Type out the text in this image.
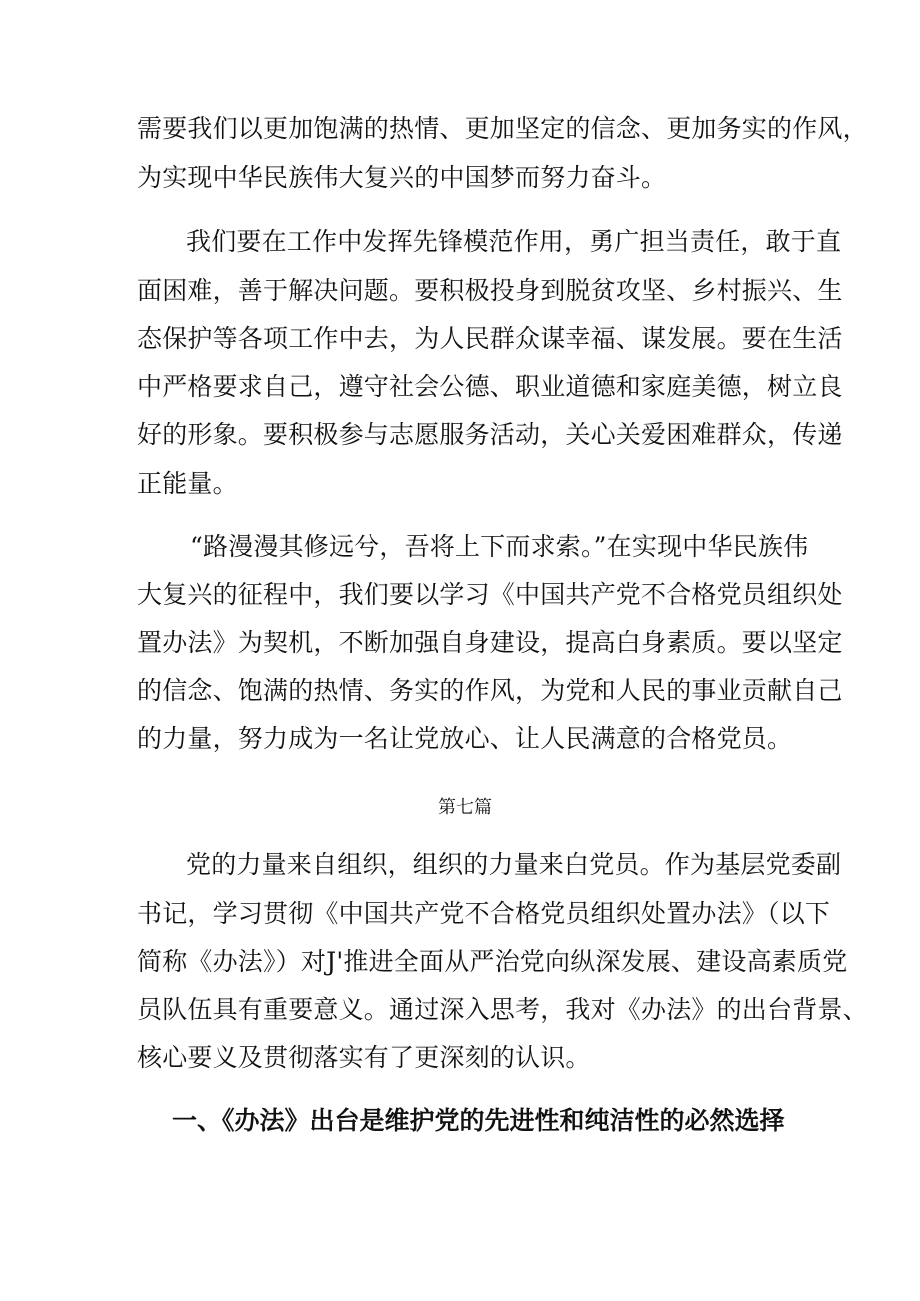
需要我们以更加饱满的热情、更加坚定的信念、更加务实的作风，
为实现中华民族伟大复兴的中国梦而努力奋斗。
我们要在工作中发挥先锋模范作用，勇广担当责任，敢于直
面困难，善于解决问题。要积极投身到脱贫攻坚、乡村振兴、生
态保护等各项工作中去，为人民群众谋幸福、谋发展。要在生活
中严格要求自己，遵守社会公德、职业道德和家庭美德，树立良
好的形象。要积极参与志愿服务活动，关心关爱困难群众，传递
正能量。
“路漫漫其修远兮，吾将上下而求索。”在实现中华民族伟
大复兴的征程中，我们要以学习《中国共产党不合格党员组织处
置办法》为契机，不断加强自身建设，提高白身素质。要以坚定
的信念、饱满的热情、务实的作风，为党和人民的事业贡献自己
的力量，努力成为一名让党放心、让人民满意的合格党员。
第七篇
党的力量来自组织，组织的力量来白党员。作为基层党委副
书记，学习贯彻《中国共产党不合格党员组织处置办法》（以下
简称《办法》）对J'推进全面从严治党向纵深发展、建设高素质党
员队伍具有重要意义。通过深入思考，我对《办法》的出台背景、
核心要义及贯彻落实有了更深刻的认识。
一、《办法》出台是维护党的先进性和纯洁性的必然选择
